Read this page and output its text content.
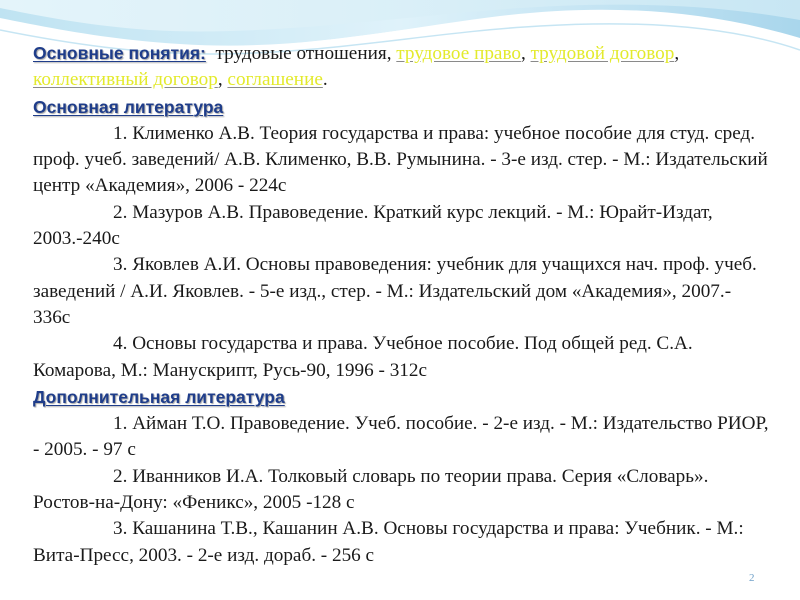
Основные понятия: трудовые отношения, трудовое право, трудовой договор, коллективный договор, соглашение.

Основная литература

1. Клименко А.В. Теория государства и права: учебное пособие для студ. сред. проф. учеб. заведений/ А.В. Клименко, В.В. Румынина. - 3-е изд. стер. - М.: Издательский центр «Академия», 2006 - 224с

2. Мазуров А.В. Правоведение. Краткий курс лекций. - М.: Юрайт-Издат, 2003.-240с

3. Яковлев А.И. Основы правоведения: учебник для учащихся нач. проф. учеб. заведений / А.И. Яковлев. - 5-е изд., стер. - М.: Издательский дом «Академия», 2007.- 336с

4. Основы государства и права. Учебное пособие. Под общей ред. С.А. Комарова, М.: Манускрипт, Русь-90, 1996 - 312с

Дополнительная литература

1. Айман Т.О. Правоведение. Учеб. пособие. - 2-е изд. - М.: Издательство РИОР, - 2005. - 97 с

2. Иванников И.А. Толковый словарь по теории права. Серия «Словарь». Ростов-на-Дону: «Феникс», 2005 -128 с

3. Кашанина Т.В., Кашанин А.В. Основы государства и права: Учебник. - М.: Вита-Пресс, 2003. - 2-е изд. дораб. - 256 с

2
